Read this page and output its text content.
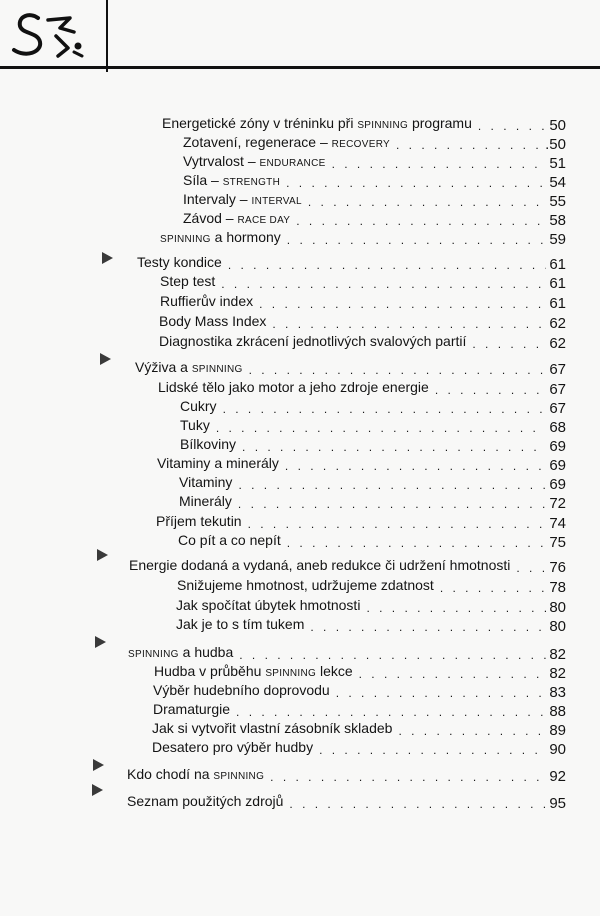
Energetické zóny v tréninku při SPINNING programu . . .	50
Zotavení, regenerace – RECOVERY . . .	.50
Vytrvalost – ENDURANCE . . .	51
Síla – STRENGTH . . .	54
Intervaly – INTERVAL . . .	55
Závod – RACE DAY . . .	58
SPINNING a hormony . . .	59
Testy kondice . . .	61
Step test . . .	61
Ruffierův index . . .	61
Body Mass Index . . .	62
Diagnostika zkrácení jednotlivých svalových partií . . .	62
Výživa a SPINNING . . .	67
Lidské tělo jako motor a jeho zdroje energie . . .	67
Cukry . . .	67
Tuky . . .	68
Bílkoviny . . .	69
Vitaminy a minerály . . .	69
Vitaminy . . .	69
Minerály . . .	72
Příjem tekutin . . .	74
Co pít a co nepít . . .	75
Energie dodaná a vydaná, aneb redukce či udržení hmotnosti . . .	76
Snižujeme hmotnost, udržujeme zdatnost . . .	78
Jak spočítat úbytek hmotnosti . . .	80
Jak je to s tím tukem . . .	80
SPINNING a hudba . . .	82
Hudba v průběhu SPINNING lekce . . .	82
Výběr hudebního doprovodu . . .	83
Dramaturgie . . .	88
Jak si vytvořit vlastní zásobník skladeb . . .	89
Desatero pro výběr hudby . . .	90
Kdo chodí na SPINNING . . .	92
Seznam použitých zdrojů . . .	95
